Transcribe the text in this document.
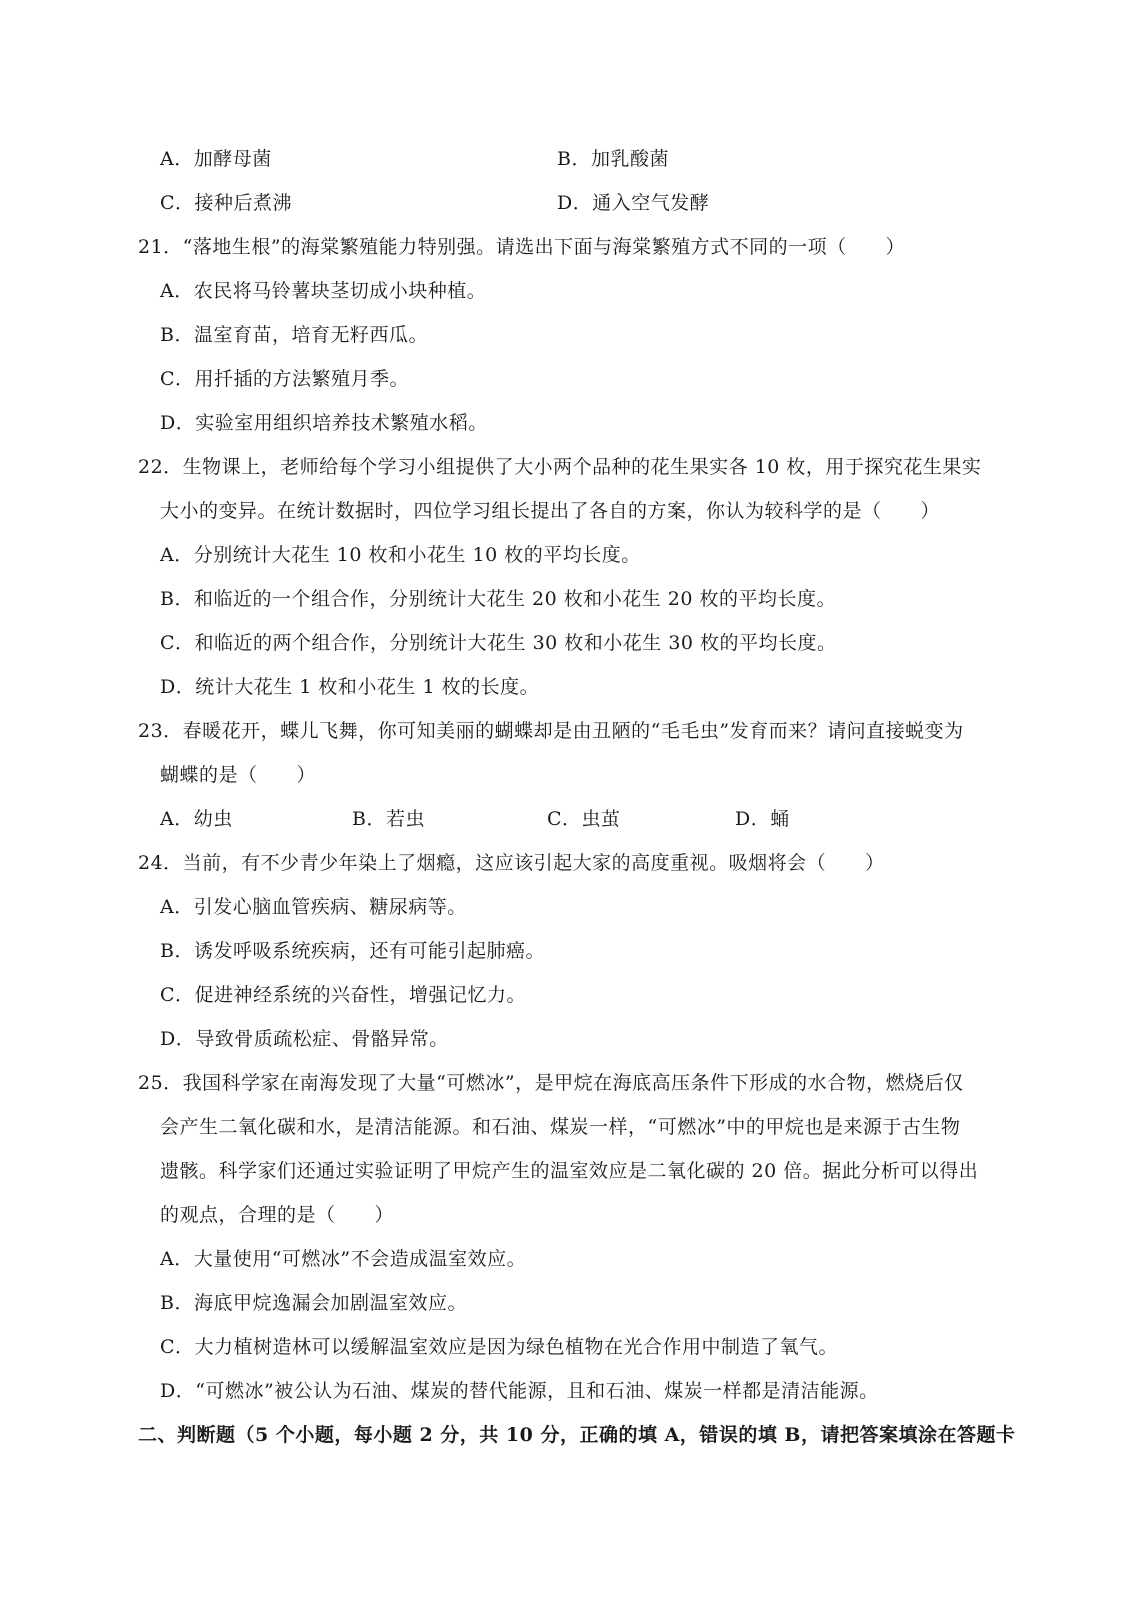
A．加酵母菌	B．加乳酸菌
C．接种后煮沸	D．通入空气发酵
21．“落地生根”的海棠繁殖能力特别强。请选出下面与海棠繁殖方式不同的一项（　　）
A．农民将马铃薯块茎切成小块种植。
B．温室育苗，培育无籽西瓜。
C．用扦插的方法繁殖月季。
D．实验室用组织培养技术繁殖水稻。
22．生物课上，老师给每个学习小组提供了大小两个品种的花生果实各 10 枚，用于探究花生果实
大小的变异。在统计数据时，四位学习组长提出了各自的方案，你认为较科学的是（　　）
A．分别统计大花生 10 枚和小花生 10 枚的平均长度。
B．和临近的一个组合作，分别统计大花生 20 枚和小花生 20 枚的平均长度。
C．和临近的两个组合作，分别统计大花生 30 枚和小花生 30 枚的平均长度。
D．统计大花生 1 枚和小花生 1 枚的长度。
23．春暖花开，蝶儿飞舞，你可知美丽的蝴蝶却是由丑陋的“毛毛虫”发育而来？请问直接蜕变为
蝴蝶的是（　　）
A．幼虫	B．若虫	C．虫茧	D．蛹
24．当前，有不少青少年染上了烟瘾，这应该引起大家的高度重视。吸烟将会（　　）
A．引发心脑血管疾病、糖尿病等。
B．诱发呼吸系统疾病，还有可能引起肺癌。
C．促进神经系统的兴奋性，增强记忆力。
D．导致骨质疏松症、骨骼异常。
25．我国科学家在南海发现了大量“可燃冰”，是甲烷在海底高压条件下形成的水合物，燃烧后仅
会产生二氧化碳和水，是清洁能源。和石油、煤炭一样，“可燃冰”中的甲烷也是来源于古生物
遗骸。科学家们还通过实验证明了甲烷产生的温室效应是二氧化碳的 20 倍。据此分析可以得出
的观点，合理的是（　　）
A．大量使用“可燃冰”不会造成温室效应。
B．海底甲烷逸漏会加剧温室效应。
C．大力植树造林可以缓解温室效应是因为绿色植物在光合作用中制造了氧气。
D．“可燃冰”被公认为石油、煤炭的替代能源，且和石油、煤炭一样都是清洁能源。
二、判断题（5 个小题，每小题 2 分，共 10 分，正确的填 A，错误的填 B，请把答案填涂在答题卡
